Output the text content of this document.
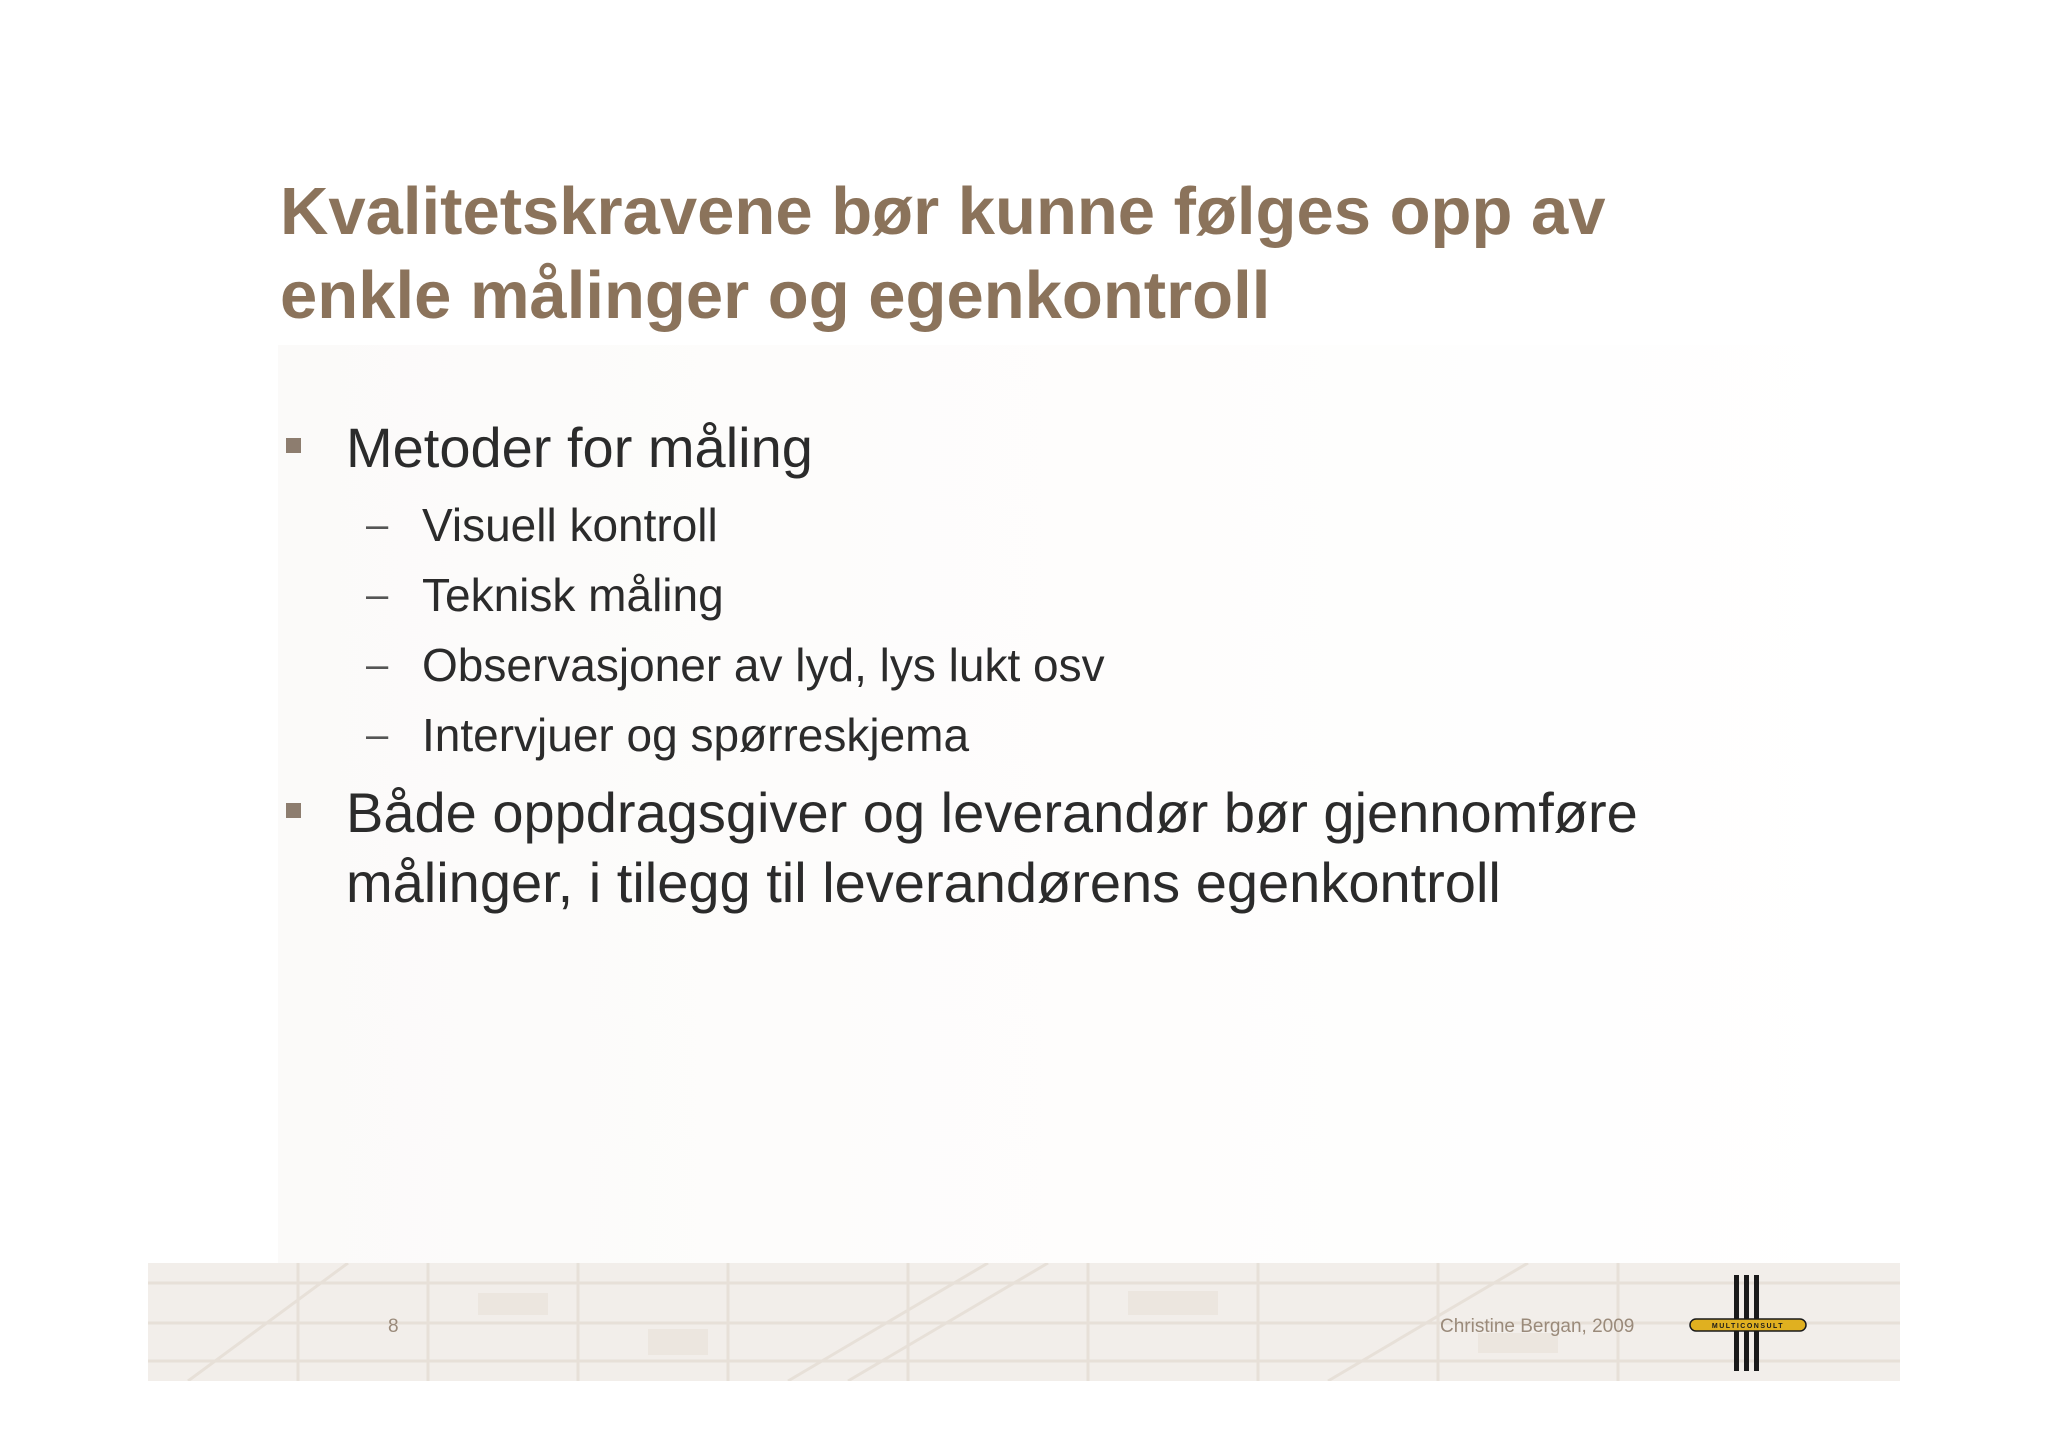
Kvalitetskravene bør kunne følges opp av
enkle målinger og egenkontroll
Metoder for måling
– Visuell kontroll
– Teknisk måling
– Observasjoner av lyd, lys lukt osv
– Intervjuer og spørreskjema
Både oppdragsgiver og leverandør bør gjennomføre
målinger, i tilegg til leverandørens egenkontroll
8	Christine Bergan, 2009	MULTICONSULT
